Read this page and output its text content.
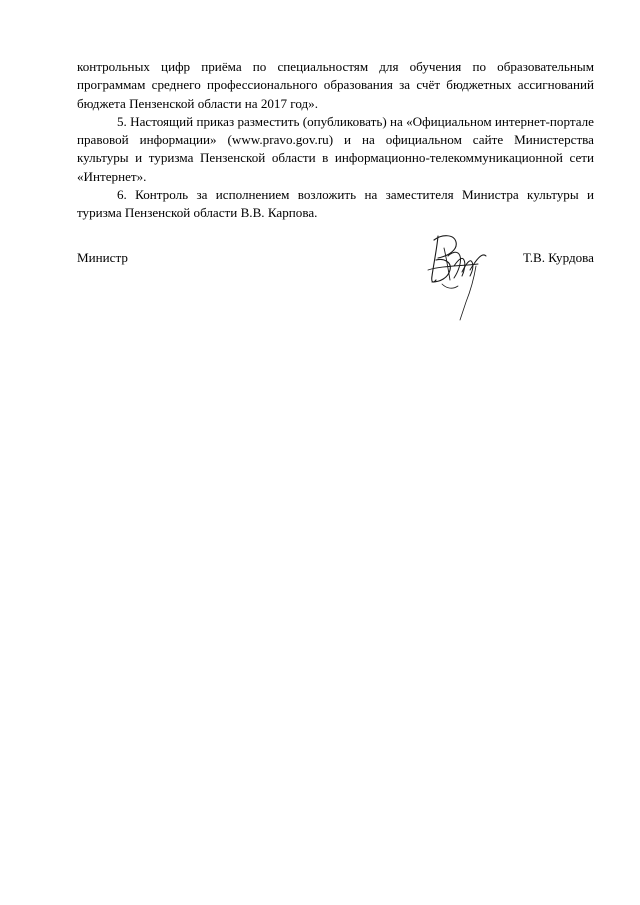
контрольных цифр приёма по специальностям для обучения по образовательным программам среднего профессионального образования за счёт бюджетных ассигнований бюджета Пензенской области на 2017 год».

5. Настоящий приказ разместить (опубликовать) на «Официальном интернет-портале правовой информации» (www.pravo.gov.ru) и на официальном сайте Министерства культуры и туризма Пензенской области в информационно-телекоммуникационной сети «Интернет».

6. Контроль за исполнением возложить на заместителя Министра культуры и туризма Пензенской области В.В. Карпова.

Министр	Т.В. Курдова
